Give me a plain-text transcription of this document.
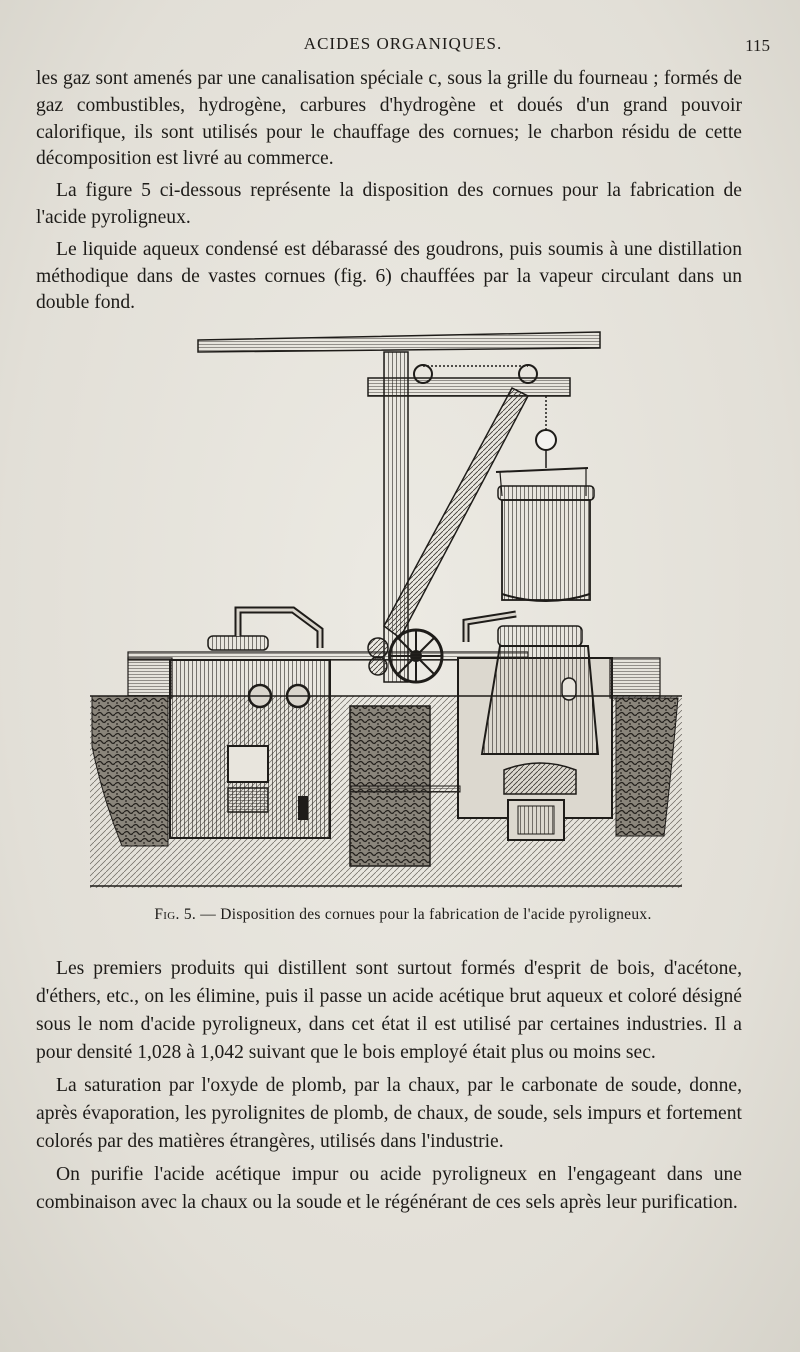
ACIDES ORGANIQUES.	115

les gaz sont amenés par une canalisation spéciale c, sous la grille du fourneau ; formés de gaz combustibles, hydrogène, carbures d'hydrogène et doués d'un grand pouvoir calorifique, ils sont utilisés pour le chauffage des cornues; le charbon résidu de cette décomposition est livré au commerce.

La figure 5 ci-dessous représente la disposition des cornues pour la fabrication de l'acide pyroligneux.

Le liquide aqueux condensé est débarassé des goudrons, puis soumis à une distillation méthodique dans de vastes cornues (fig. 6) chauffées par la vapeur circulant dans un double fond.

Fig. 5. — Disposition des cornues pour la fabrication de l'acide pyroligneux.

Les premiers produits qui distillent sont surtout formés d'esprit de bois, d'acétone, d'éthers, etc., on les élimine, puis il passe un acide acétique brut aqueux et coloré désigné sous le nom d'acide pyroligneux, dans cet état il est utilisé par certaines industries. Il a pour densité 1,028 à 1,042 suivant que le bois employé était plus ou moins sec.

La saturation par l'oxyde de plomb, par la chaux, par le carbonate de soude, donne, après évaporation, les pyrolignites de plomb, de chaux, de soude, sels impurs et fortement colorés par des matières étrangères, utilisés dans l'industrie.

On purifie l'acide acétique impur ou acide pyroligneux en l'engageant dans une combinaison avec la chaux ou la soude et le régénérant de ces sels après leur purification.
